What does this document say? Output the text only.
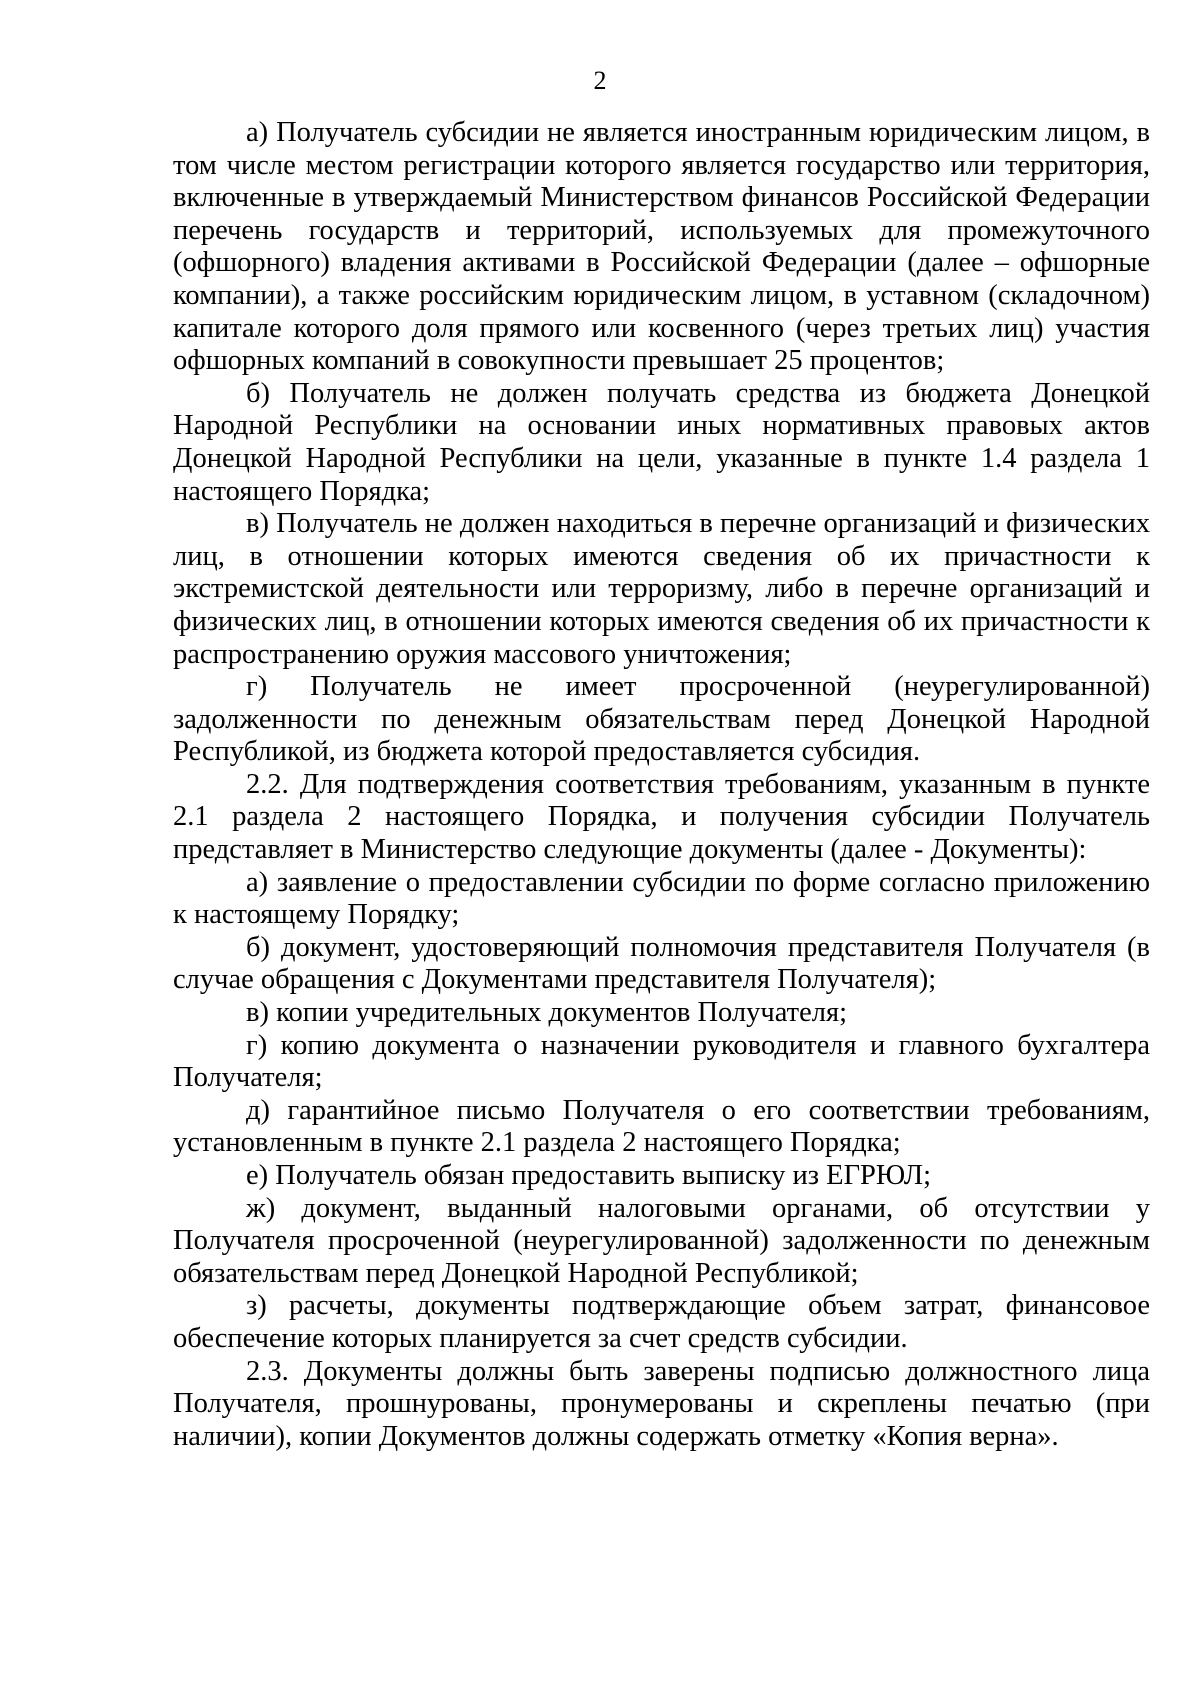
2

а) Получатель субсидии не является иностранным юридическим лицом, в том числе местом регистрации которого является государство или территория, включенные в утверждаемый Министерством финансов Российской Федерации перечень государств и территорий, используемых для промежуточного (офшорного) владения активами в Российской Федерации (далее – офшорные компании), а также российским юридическим лицом, в уставном (складочном) капитале которого доля прямого или косвенного (через третьих лиц) участия офшорных компаний в совокупности превышает 25 процентов;

б) Получатель не должен получать средства из бюджета Донецкой Народной Республики на основании иных нормативных правовых актов Донецкой Народной Республики на цели, указанные в пункте 1.4 раздела 1 настоящего Порядка;

в) Получатель не должен находиться в перечне организаций и физических лиц, в отношении которых имеются сведения об их причастности к экстремистской деятельности или терроризму, либо в перечне организаций и физических лиц, в отношении которых имеются сведения об их причастности к распространению оружия массового уничтожения;

г) Получатель не имеет просроченной (неурегулированной) задолженности по денежным обязательствам перед Донецкой Народной Республикой, из бюджета которой предоставляется субсидия.

2.2. Для подтверждения соответствия требованиям, указанным в пункте 2.1 раздела 2 настоящего Порядка, и получения субсидии Получатель представляет в Министерство следующие документы (далее - Документы):

а) заявление о предоставлении субсидии по форме согласно приложению к настоящему Порядку;

б) документ, удостоверяющий полномочия представителя Получателя (в случае обращения с Документами представителя Получателя);

в) копии учредительных документов Получателя;

г) копию документа о назначении руководителя и главного бухгалтера Получателя;

д) гарантийное письмо Получателя о его соответствии требованиям, установленным в пункте 2.1 раздела 2 настоящего Порядка;

е) Получатель обязан предоставить выписку из ЕГРЮЛ;

ж) документ, выданный налоговыми органами, об отсутствии у Получателя просроченной (неурегулированной) задолженности по денежным обязательствам перед Донецкой Народной Республикой;

з) расчеты, документы подтверждающие объем затрат, финансовое обеспечение которых планируется за счет средств субсидии.

2.3. Документы должны быть заверены подписью должностного лица Получателя, прошнурованы, пронумерованы и скреплены печатью (при наличии), копии Документов должны содержать отметку «Копия верна».
